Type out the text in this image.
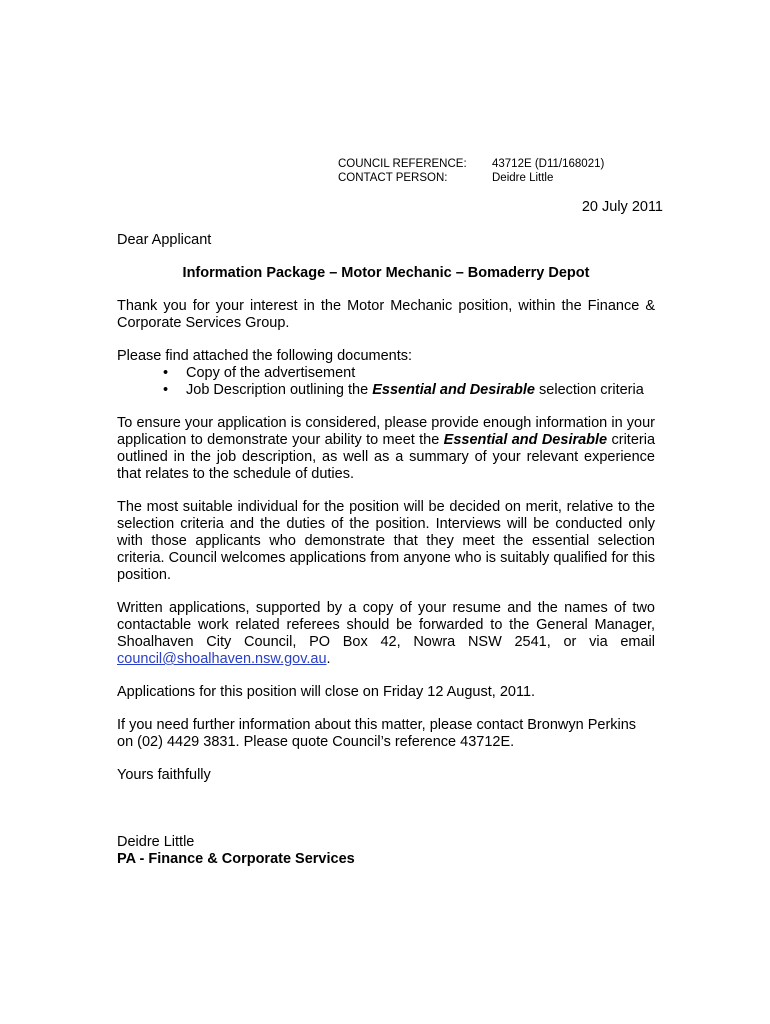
COUNCIL REFERENCE:	43712E (D11/168021)
CONTACT PERSON:	Deidre Little
20 July 2011

Dear Applicant

Information Package – Motor Mechanic – Bomaderry Depot

Thank you for your interest in the Motor Mechanic position, within the Finance & Corporate Services Group.

Please find attached the following documents:
• Copy of the advertisement
• Job Description outlining the Essential and Desirable selection criteria

To ensure your application is considered, please provide enough information in your application to demonstrate your ability to meet the Essential and Desirable criteria outlined in the job description, as well as a summary of your relevant experience that relates to the schedule of duties.

The most suitable individual for the position will be decided on merit, relative to the selection criteria and the duties of the position. Interviews will be conducted only with those applicants who demonstrate that they meet the essential selection criteria. Council welcomes applications from anyone who is suitably qualified for this position.

Written applications, supported by a copy of your resume and the names of two contactable work related referees should be forwarded to the General Manager, Shoalhaven City Council, PO Box 42, Nowra NSW 2541, or via email council@shoalhaven.nsw.gov.au.

Applications for this position will close on Friday 12 August, 2011.

If you need further information about this matter, please contact Bronwyn Perkins on (02) 4429 3831. Please quote Council’s reference 43712E.

Yours faithfully

Deidre Little

PA - Finance & Corporate Services
